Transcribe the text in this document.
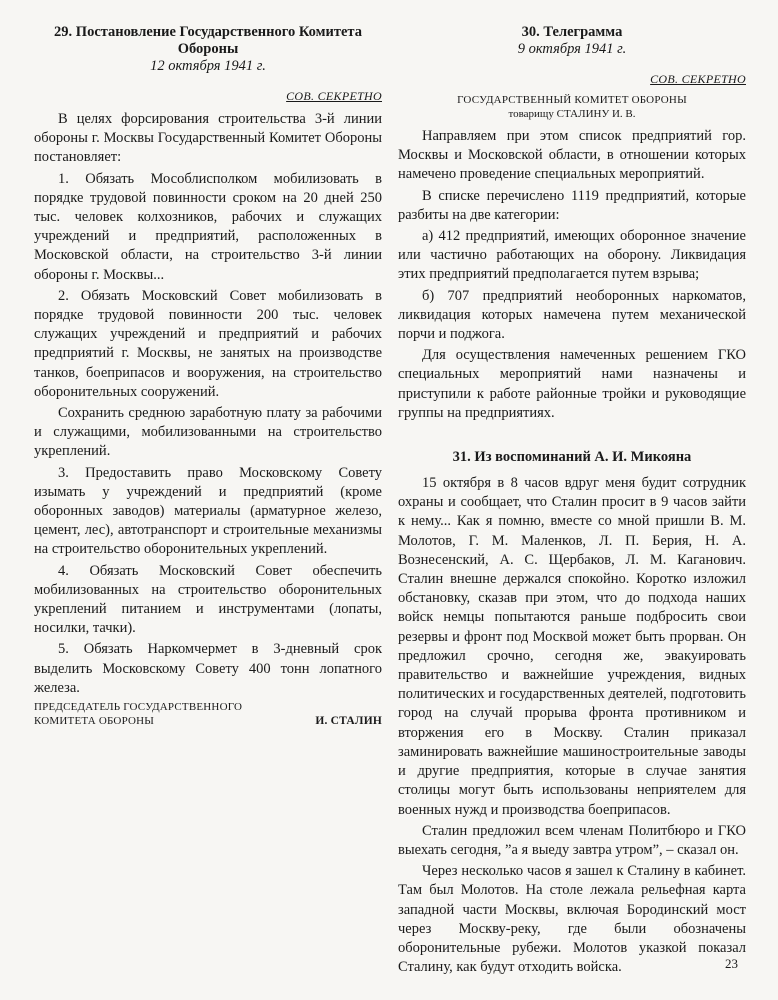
29. Постановление Государственного Комитета Обороны

12 октября 1941 г.

СОВ. СЕКРЕТНО

В целях форсирования строительства 3-й линии обороны г. Москвы Государственный Комитет Обороны постановляет:

1. Обязать Мособлисполком мобилизовать в порядке трудовой повинности сроком на 20 дней 250 тыс. человек колхозников, рабочих и служащих учреждений и предприятий, расположенных в Московской области, на строительство 3-й линии обороны г. Москвы...

2. Обязать Московский Совет мобилизовать в порядке трудовой повинности 200 тыс. человек служащих учреждений и предприятий и рабочих предприятий г. Москвы, не занятых на производстве танков, боеприпасов и вооружения, на строительство оборонительных сооружений.

Сохранить среднюю заработную плату за рабочими и служащими, мобилизованными на строительство укреплений.

3. Предоставить право Московскому Совету изымать у учреждений и предприятий (кроме оборонных заводов) материалы (арматурное железо, цемент, лес), автотранспорт и строительные механизмы на строительство оборонительных укреплений.

4. Обязать Московский Совет обеспечить мобилизованных на строительство оборонительных укреплений питанием и инструментами (лопаты, носилки, тачки).

5. Обязать Наркомчермет в 3-дневный срок выделить Московскому Совету 400 тонн лопатного железа.

ПРЕДСЕДАТЕЛЬ ГОСУДАРСТВЕННОГО
КОМИТЕТА ОБОРОНЫ	И. СТАЛИН

30. Телеграмма

9 октября 1941 г.

СОВ. СЕКРЕТНО

ГОСУДАРСТВЕННЫЙ КОМИТЕТ ОБОРОНЫ

товарищу СТАЛИНУ И. В.

Направляем при этом список предприятий гор. Москвы и Московской области, в отношении которых намечено проведение специальных мероприятий.

В списке перечислено 1119 предприятий, которые разбиты на две категории:

а) 412 предприятий, имеющих оборонное значение или частично работающих на оборону. Ликвидация этих предприятий предполагается путем взрыва;

б) 707 предприятий необоронных наркоматов, ликвидация которых намечена путем механической порчи и поджога.

Для осуществления намеченных решением ГКО специальных мероприятий нами назначены и приступили к работе районные тройки и руководящие группы на предприятиях.

31. Из воспоминаний А. И. Микояна

15 октября в 8 часов вдруг меня будит сотрудник охраны и сообщает, что Сталин просит в 9 часов зайти к нему... Как я помню, вместе со мной пришли В. М. Молотов, Г. М. Маленков, Л. П. Берия, Н. А. Вознесенский, А. С. Щербаков, Л. М. Каганович. Сталин внешне держался спокойно. Коротко изложил обстановку, сказав при этом, что до подхода наших войск немцы попытаются раньше подбросить свои резервы и фронт под Москвой может быть прорван. Он предложил срочно, сегодня же, эвакуировать правительство и важнейшие учреждения, видных политических и государственных деятелей, подготовить город на случай прорыва фронта противником и вторжения его в Москву. Сталин приказал заминировать важнейшие машиностроительные заводы и другие предприятия, которые в случае занятия столицы могут быть использованы неприятелем для военных нужд и производства боеприпасов.

Сталин предложил всем членам Политбюро и ГКО выехать сегодня, ”а я выеду завтра утром”, – сказал он.

Через несколько часов я зашел к Сталину в кабинет. Там был Молотов. На столе лежала рельефная карта западной части Москвы, включая Бородинский мост через Москву-реку, где были обозначены оборонительные рубежи. Молотов указкой показал Сталину, как будут отходить войска.	23
